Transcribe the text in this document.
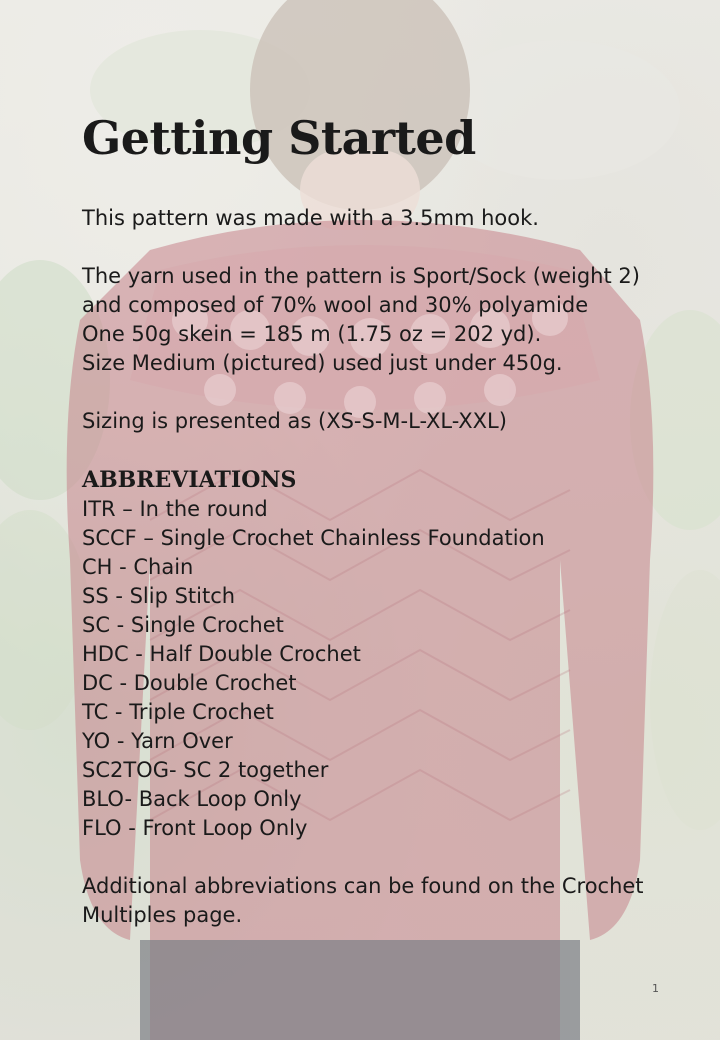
Getting Started

This pattern was made with a 3.5mm hook.

The yarn used in the pattern is Sport/Sock (weight 2) and composed of 70% wool and 30% polyamide

One 50g skein = 185 m (1.75 oz = 202 yd).

Size Medium (pictured) used just under 450g.

Sizing is presented as (XS-S-M-L-XL-XXL)

ABBREVIATIONS
ITR – In the round
SCCF – Single Crochet Chainless Foundation
CH - Chain
SS - Slip Stitch
SC - Single Crochet
HDC - Half Double Crochet
DC - Double Crochet
TC - Triple Crochet
YO - Yarn Over
SC2TOG- SC 2 together
BLO- Back Loop Only
FLO - Front Loop Only

Additional abbreviations can be found on the Crochet Multiples page.

1
